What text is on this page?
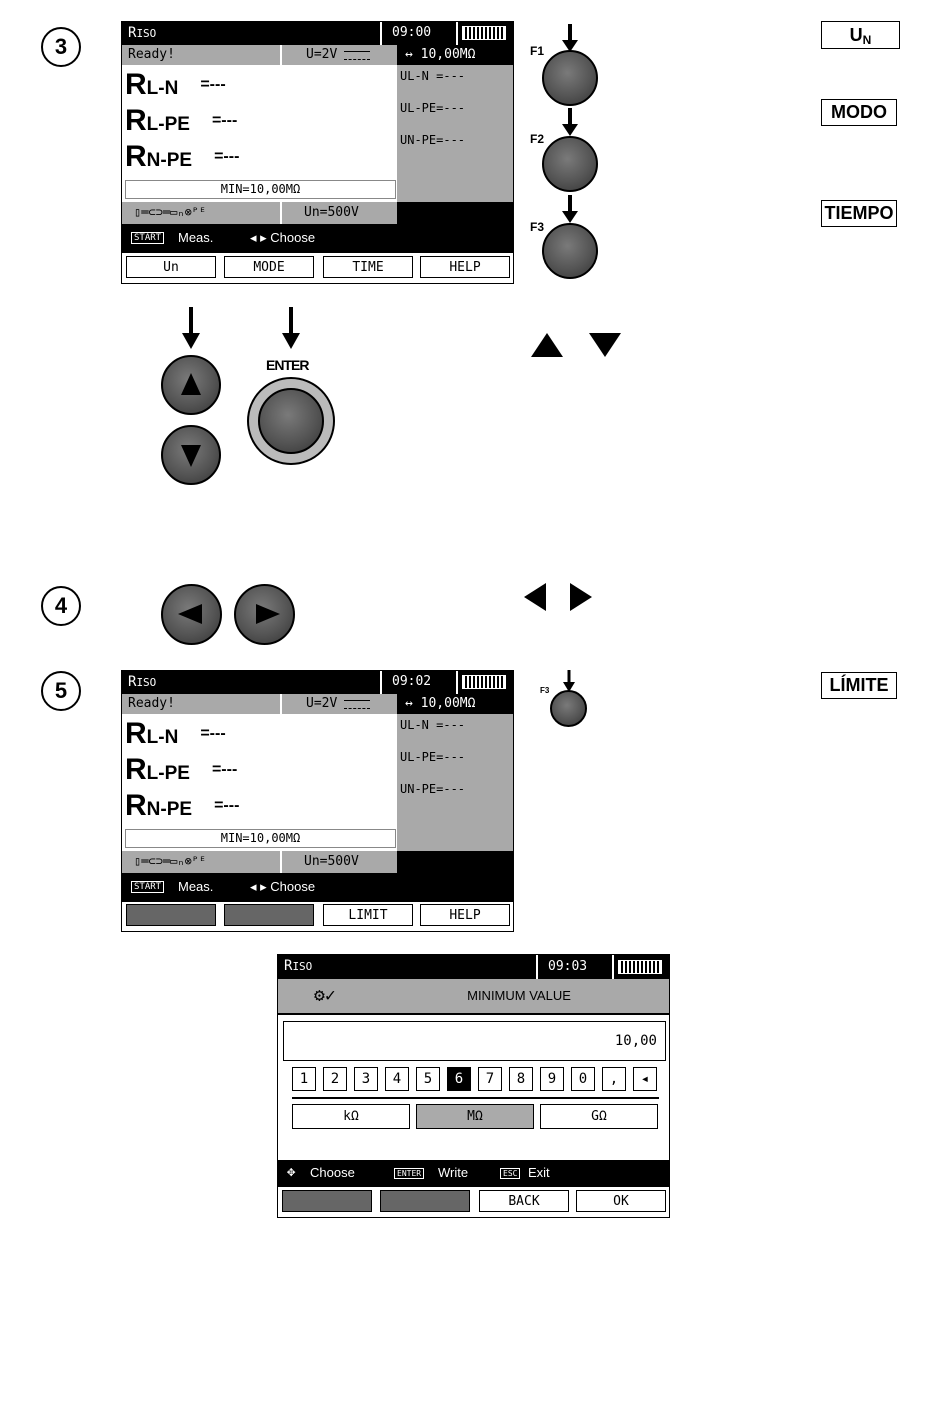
3
RISO	09:00
Ready!	U=2V	↔ 10,00MΩ
UL-N =---
UL-PE=---
UN-PE=---
RL-N =---
RL-PE =---
RN-PE =---
MIN=10,00MΩ
▯═⊂⊃═▭ₙ⊗ᴾᴱ	Un=500V
START Meas.	◂ ▸ Choose
Un	MODE	TIME	HELP
F1
F2
F3
U N
MODO
TIEMPO
ENTER
4
5	RISO	09:02
Ready!	U=2V	↔ 10,00MΩ
UL-N =---
UL-PE=---
UN-PE=---
RL-N =---
RL-PE =---
RN-PE =---
MIN=10,00MΩ
▯═⊂⊃═▭ₙ⊗ᴾᴱ	Un=500V
START Meas.	◂ ▸ Choose
LIMIT	HELP
F3	LÍMITE
RISO	09:03
⚙✓	MINIMUM VALUE
10,00
1	2	3	4	5	6	7	8	9	0	,	◂
kΩ	MΩ	GΩ
✥ Choose	ENTER Write	ESC Exit
BACK	OK
